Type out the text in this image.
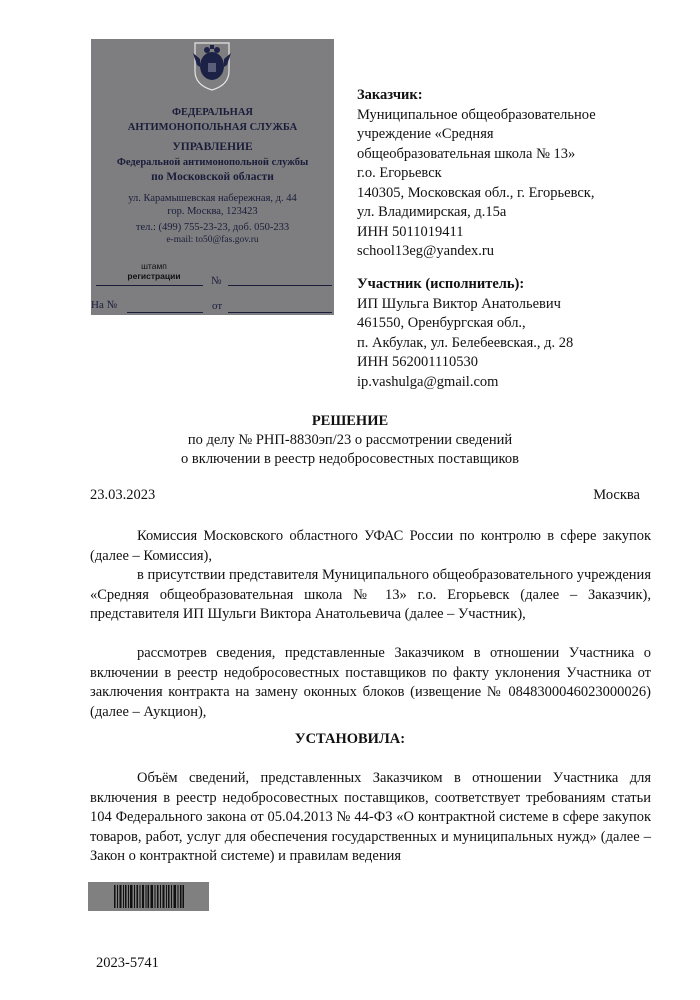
ФЕДЕРАЛЬНАЯ
АНТИМОНОПОЛЬНАЯ СЛУЖБА
УПРАВЛЕНИЕ
Федеральной антимонопольной службы
по Московской области
ул. Карамышевская набережная, д. 44
гор. Москва, 123423
тел.: (499) 755-23-23, доб. 050-233
e-mail: to50@fas.gov.ru
штамп
регистрации	№
На №	от
Заказчик:
Муниципальное общеобразовательное
учреждение «Средняя
общеобразовательная школа № 13»
г.о. Егорьевск
140305, Московская обл., г. Егорьевск,
ул. Владимирская, д.15а
ИНН 5011019411
school13eg@yandex.ru
Участник (исполнитель):
ИП Шульга Виктор Анатольевич
461550, Оренбургская обл.,
п. Акбулак, ул. Белебеевская., д. 28
ИНН 562001110530
ip.vashulga@gmail.com
РЕШЕНИЕ
по делу № РНП-8830эп/23 о рассмотрении сведений
о включении в реестр недобросовестных поставщиков
23.03.2023	Москва

Комиссия Московского областного УФАС России по контролю в сфере закупок (далее – Комиссия),

в присутствии представителя Муниципального общеобразовательного учреждения «Средняя общеобразовательная школа № 13» г.о. Егорьевск (далее – Заказчик), представителя ИП Шульги Виктора Анатольевича (далее – Участник),

рассмотрев сведения, представленные Заказчиком в отношении Участника о включении в реестр недобросовестных поставщиков по факту уклонения Участника от заключения контракта на замену оконных блоков (извещение № 0848300046023000026) (далее – Аукцион),

УСТАНОВИЛА:

Объём сведений, представленных Заказчиком в отношении Участника для включения в реестр недобросовестных поставщиков, соответствует требованиям статьи 104 Федерального закона от 05.04.2013 № 44-ФЗ «О контрактной системе в сфере закупок товаров, работ, услуг для обеспечения государственных и муниципальных нужд» (далее – Закон о контрактной системе) и правилам ведения

2023-5741
